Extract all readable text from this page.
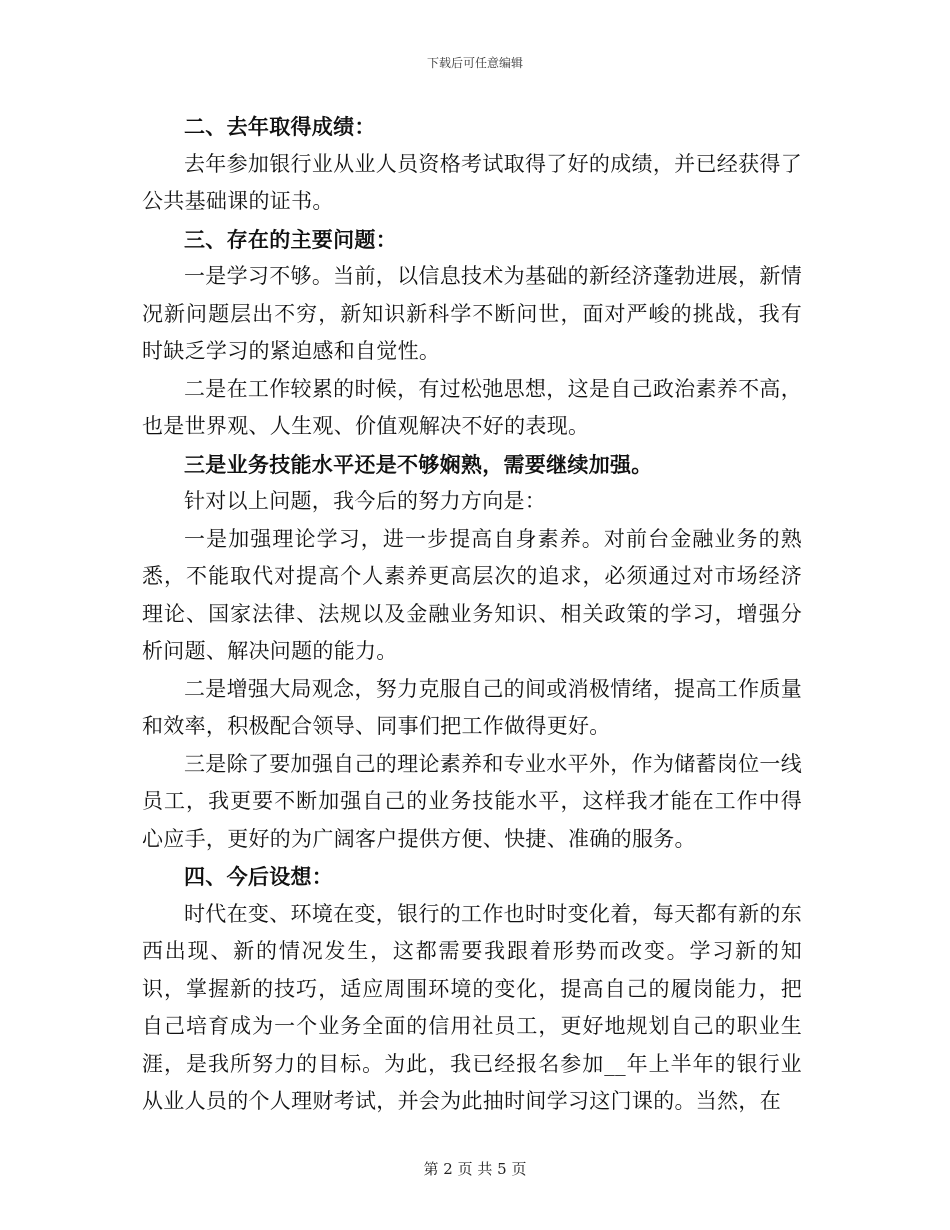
下载后可任意编辑

二、去年取得成绩：

去年参加银行业从业人员资格考试取得了好的成绩，并已经获得了公共基础课的证书。

三、存在的主要问题：

一是学习不够。当前，以信息技术为基础的新经济蓬勃进展，新情况新问题层出不穷，新知识新科学不断问世，面对严峻的挑战，我有时缺乏学习的紧迫感和自觉性。

二是在工作较累的时候，有过松弛思想，这是自己政治素养不高，也是世界观、人生观、价值观解决不好的表现。

三是业务技能水平还是不够娴熟，需要继续加强。

针对以上问题，我今后的努力方向是：

一是加强理论学习，进一步提高自身素养。对前台金融业务的熟悉，不能取代对提高个人素养更高层次的追求，必须通过对市场经济理论、国家法律、法规以及金融业务知识、相关政策的学习，增强分析问题、解决问题的能力。

二是增强大局观念，努力克服自己的间或消极情绪，提高工作质量和效率，积极配合领导、同事们把工作做得更好。

三是除了要加强自己的理论素养和专业水平外，作为储蓄岗位一线员工，我更要不断加强自己的业务技能水平，这样我才能在工作中得心应手，更好的为广阔客户提供方便、快捷、准确的服务。

四、今后设想：

时代在变、环境在变，银行的工作也时时变化着，每天都有新的东西出现、新的情况发生，这都需要我跟着形势而改变。学习新的知识，掌握新的技巧，适应周围环境的变化，提高自己的履岗能力，把自己培育成为一个业务全面的信用社员工，更好地规划自己的职业生涯，是我所努力的目标。为此，我已经报名参加__年上半年的银行业从业人员的个人理财考试，并会为此抽时间学习这门课的。当然，在

第 2 页 共 5 页
